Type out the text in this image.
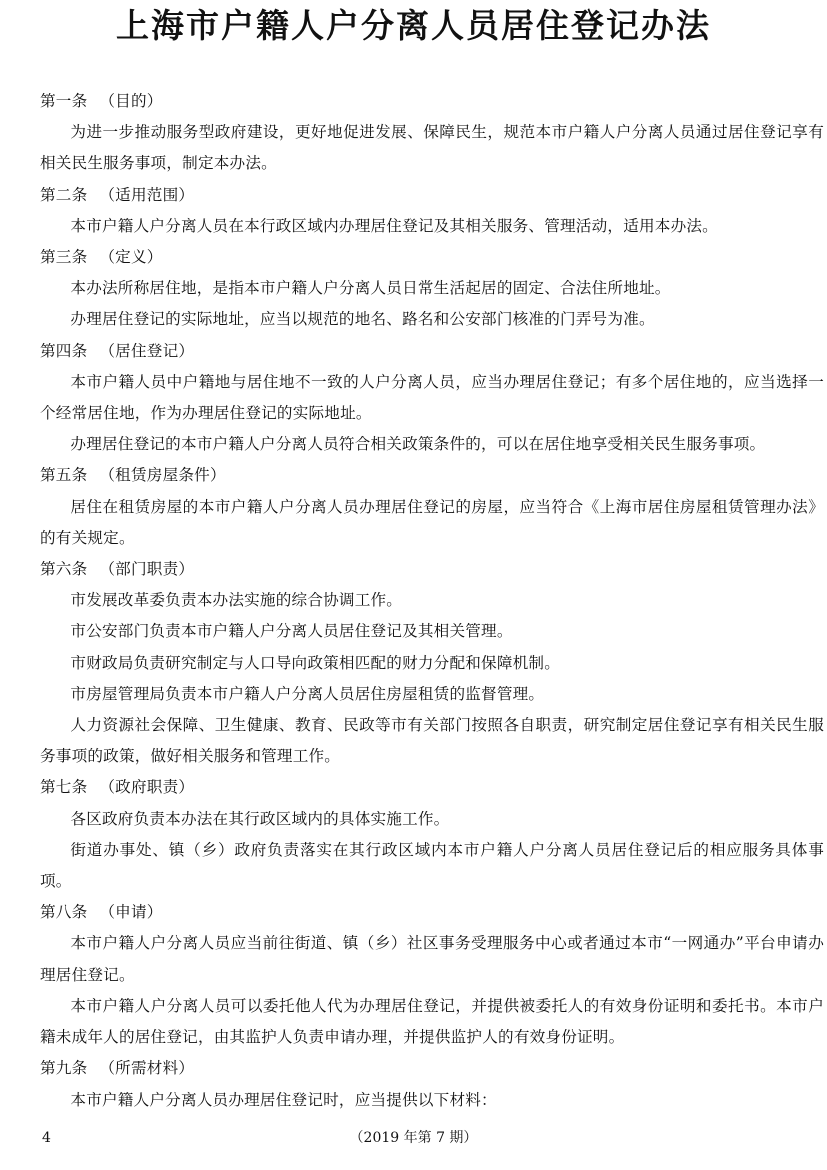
上海市户籍人户分离人员居住登记办法
第一条 （目的）

为进一步推动服务型政府建设，更好地促进发展、保障民生，规范本市户籍人户分离人员通过居住登记享有相关民生服务事项，制定本办法。

第二条 （适用范围）

本市户籍人户分离人员在本行政区域内办理居住登记及其相关服务、管理活动，适用本办法。

第三条 （定义）

本办法所称居住地，是指本市户籍人户分离人员日常生活起居的固定、合法住所地址。

办理居住登记的实际地址，应当以规范的地名、路名和公安部门核准的门弄号为准。

第四条 （居住登记）

本市户籍人员中户籍地与居住地不一致的人户分离人员，应当办理居住登记；有多个居住地的，应当选择一个经常居住地，作为办理居住登记的实际地址。

办理居住登记的本市户籍人户分离人员符合相关政策条件的，可以在居住地享受相关民生服务事项。

第五条 （租赁房屋条件）

居住在租赁房屋的本市户籍人户分离人员办理居住登记的房屋，应当符合《上海市居住房屋租赁管理办法》的有关规定。

第六条 （部门职责）

市发展改革委负责本办法实施的综合协调工作。

市公安部门负责本市户籍人户分离人员居住登记及其相关管理。

市财政局负责研究制定与人口导向政策相匹配的财力分配和保障机制。

市房屋管理局负责本市户籍人户分离人员居住房屋租赁的监督管理。

人力资源社会保障、卫生健康、教育、民政等市有关部门按照各自职责，研究制定居住登记享有相关民生服务事项的政策，做好相关服务和管理工作。

第七条 （政府职责）

各区政府负责本办法在其行政区域内的具体实施工作。

街道办事处、镇（乡）政府负责落实在其行政区域内本市户籍人户分离人员居住登记后的相应服务具体事项。

第八条 （申请）

本市户籍人户分离人员应当前往街道、镇（乡）社区事务受理服务中心或者通过本市“一网通办”平台申请办理居住登记。

本市户籍人户分离人员可以委托他人代为办理居住登记，并提供被委托人的有效身份证明和委托书。本市户籍未成年人的居住登记，由其监护人负责申请办理，并提供监护人的有效身份证明。

第九条 （所需材料）

本市户籍人户分离人员办理居住登记时，应当提供以下材料：

4	（2019 年第 7 期）
